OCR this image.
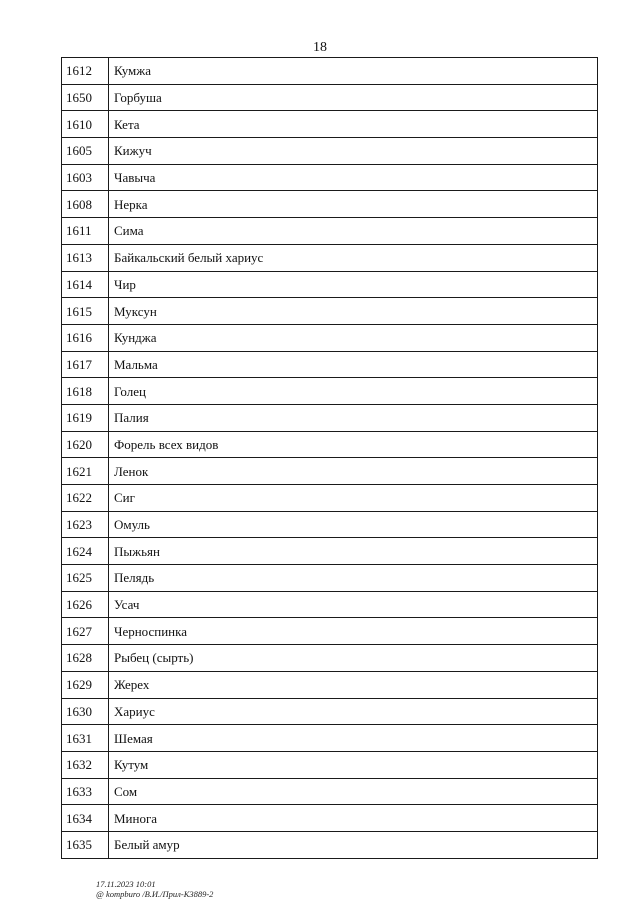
18
1612	Кумжа
1650	Горбуша
1610	Кета
1605	Кижуч
1603	Чавыча
1608	Нерка
1611	Сима
1613	Байкальский белый хариус
1614	Чир
1615	Муксун
1616	Кунджа
1617	Мальма
1618	Голец
1619	Палия
1620	Форель всех видов
1621	Ленок
1622	Сиг
1623	Омуль
1624	Пыжьян
1625	Пелядь
1626	Усач
1627	Черноспинка
1628	Рыбец (сырть)
1629	Жерех
1630	Хариус
1631	Шемая
1632	Кутум
1633	Сом
1634	Минога
1635	Белый амур
17.11.2023 10:01
@ kompburo /В.И./Прил-К3889-2
